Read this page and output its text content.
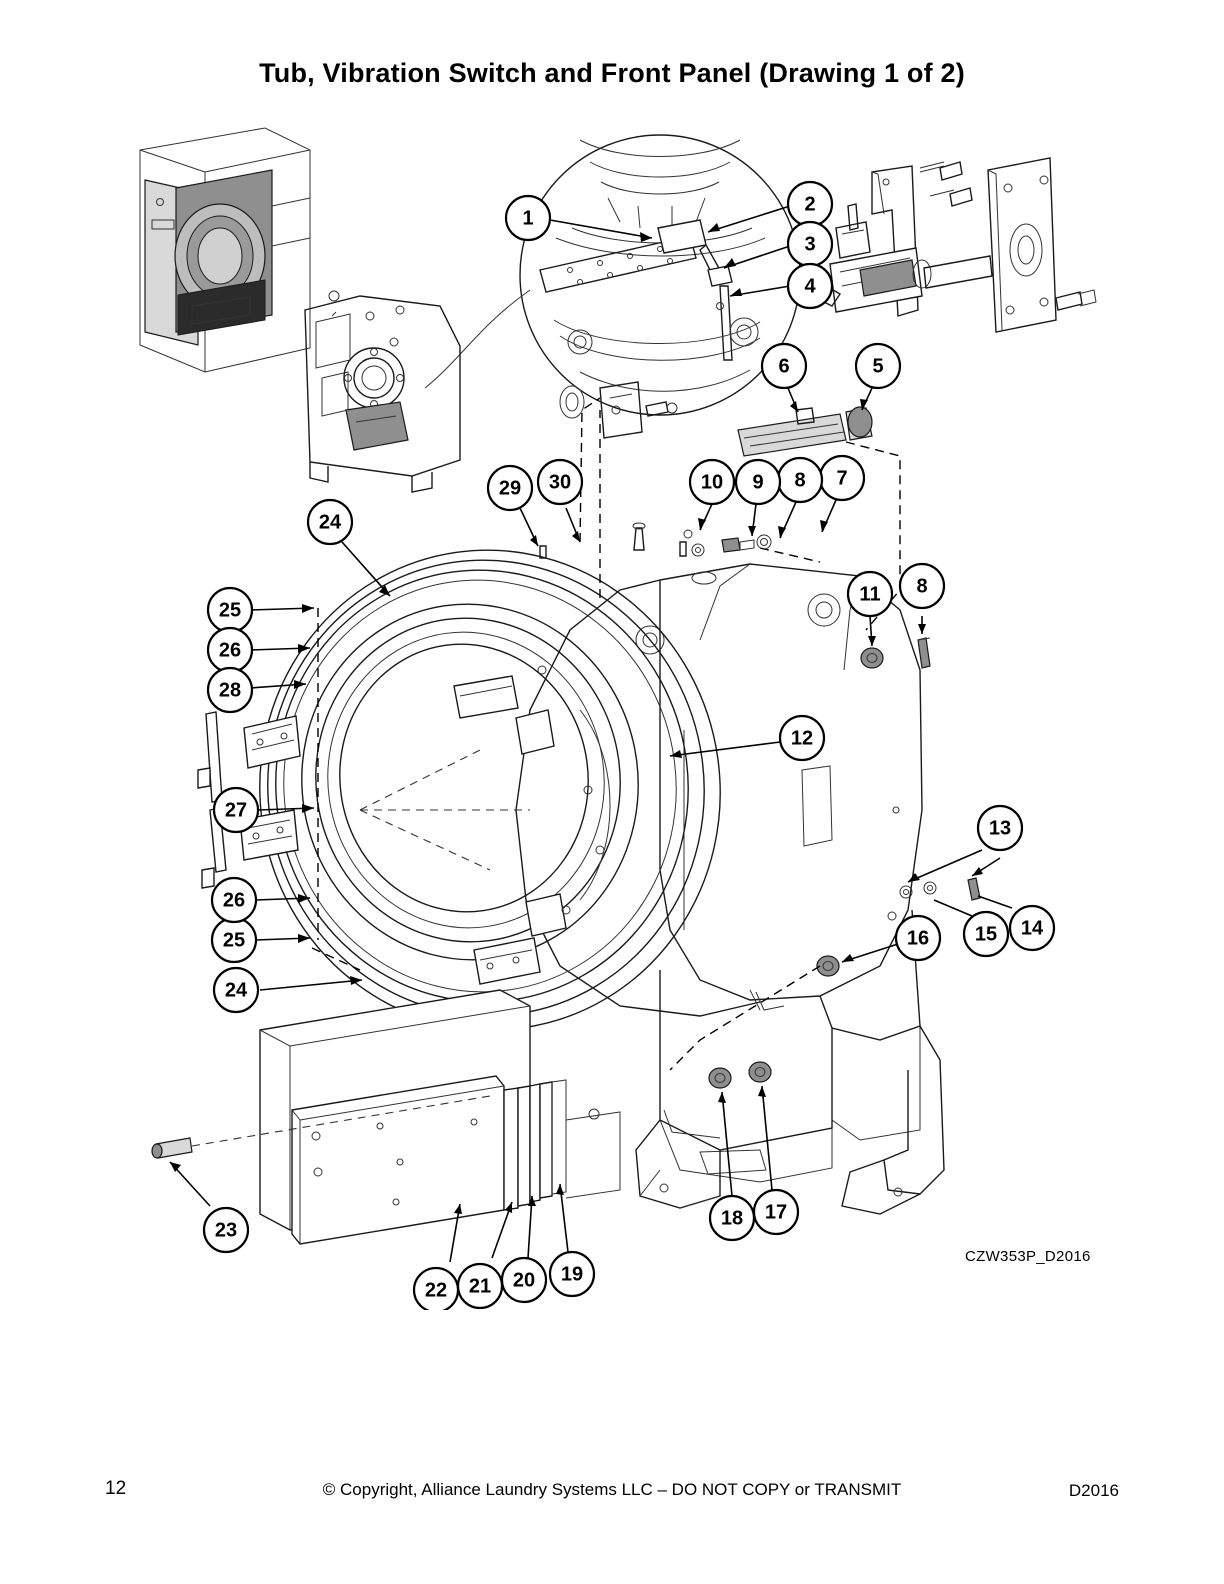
Tub, Vibration Switch and Front Panel (Drawing 1 of 2)
1
2
3
4
5
6
7
8
9
10
11 8
12
13
14
15
16
17
18
19
20
21
22
23
24
25
26
27
28
24
25
26
29 30
CZW353P_D2016
12	© Copyright, Alliance Laundry Systems LLC – DO NOT COPY or TRANSMIT	D2016
